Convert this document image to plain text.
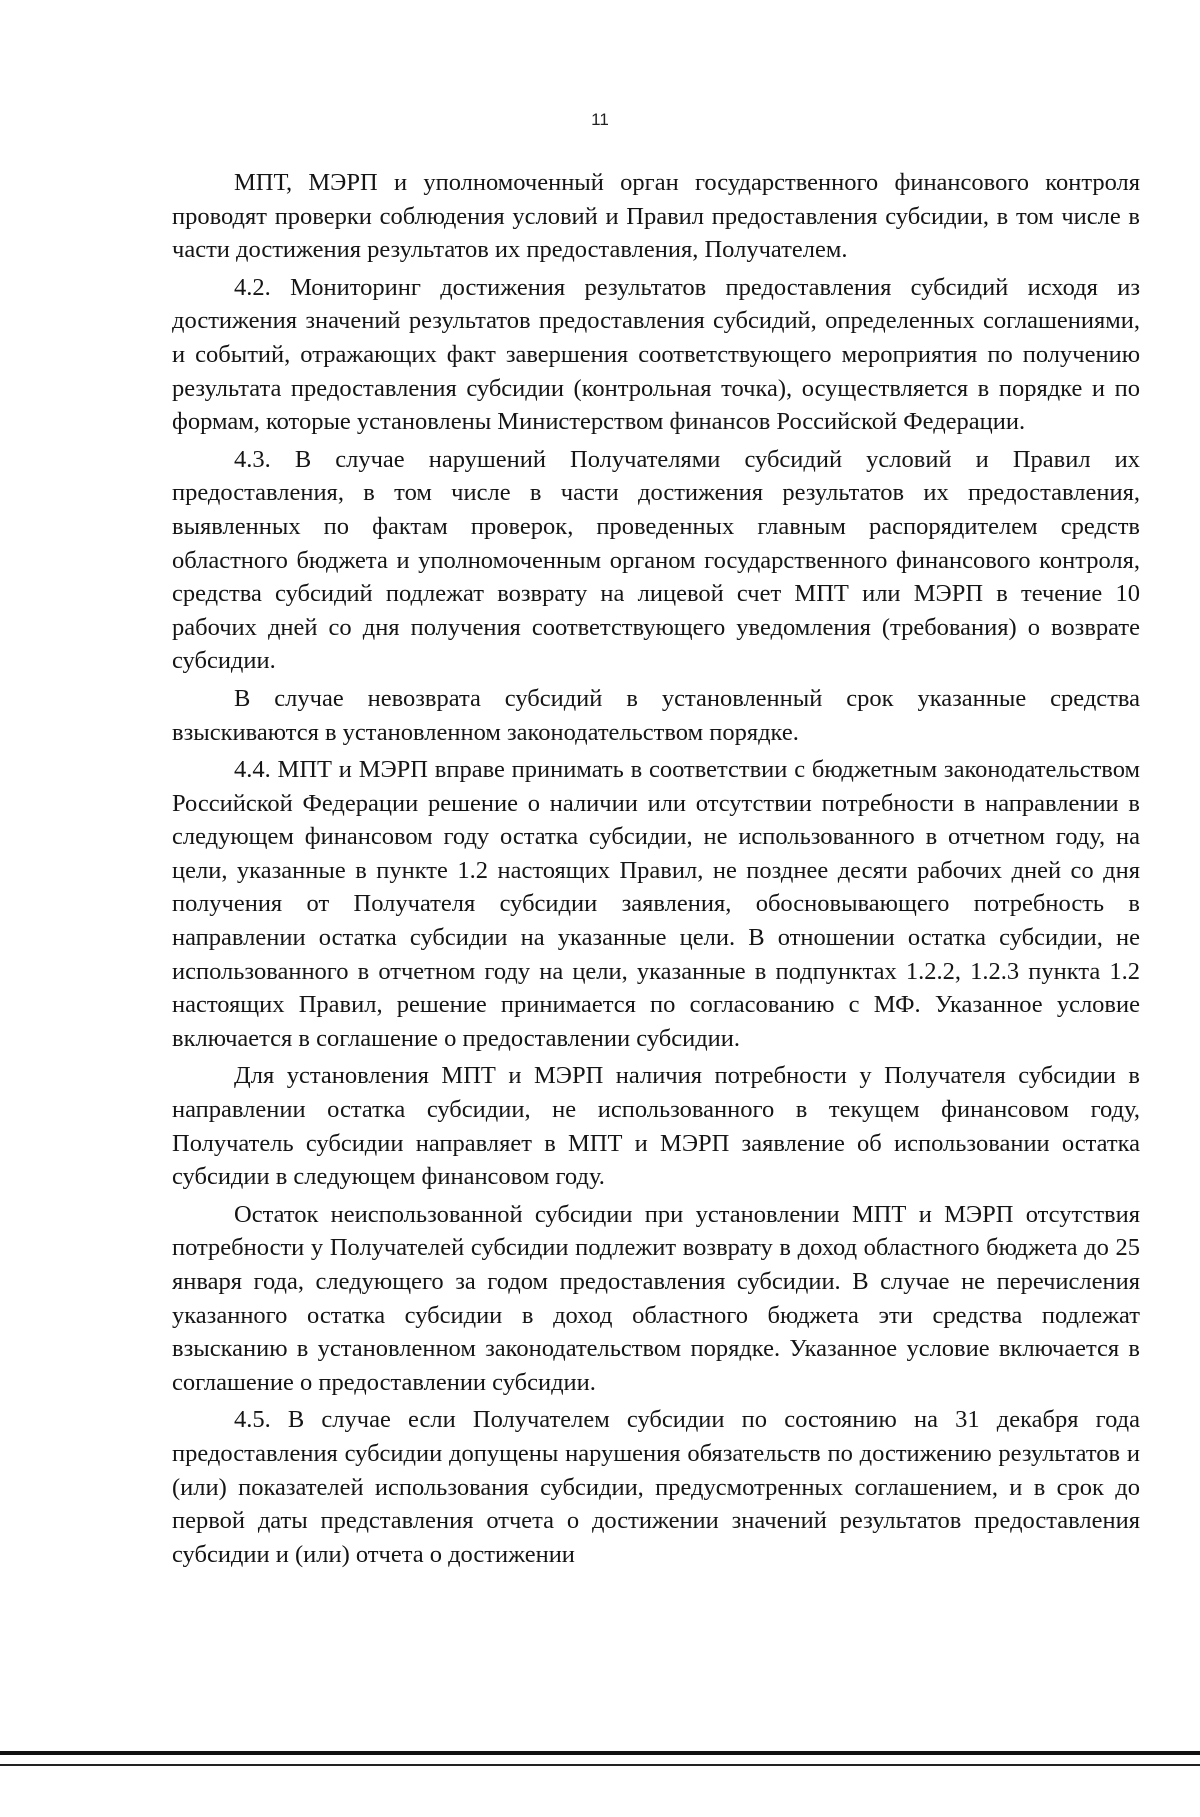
11

МПТ, МЭРП и уполномоченный орган государственного финансового контроля проводят проверки соблюдения условий и Правил предоставления субсидии, в том числе в части достижения результатов их предоставления, Получателем.

4.2. Мониторинг достижения результатов предоставления субсидий исходя из достижения значений результатов предоставления субсидий, определенных соглашениями, и событий, отражающих факт завершения соответствующего мероприятия по получению результата предоставления субсидии (контрольная точка), осуществляется в порядке и по формам, которые установлены Министерством финансов Российской Федерации.

4.3. В случае нарушений Получателями субсидий условий и Правил их предоставления, в том числе в части достижения результатов их предоставления, выявленных по фактам проверок, проведенных главным распорядителем средств областного бюджета и уполномоченным органом государственного финансового контроля, средства субсидий подлежат возврату на лицевой счет МПТ или МЭРП в течение 10 рабочих дней со дня получения соответствующего уведомления (требования) о возврате субсидии.

В случае невозврата субсидий в установленный срок указанные средства взыскиваются в установленном законодательством порядке.

4.4. МПТ и МЭРП вправе принимать в соответствии с бюджетным законодательством Российской Федерации решение о наличии или отсутствии потребности в направлении в следующем финансовом году остатка субсидии, не использованного в отчетном году, на цели, указанные в пункте 1.2 настоящих Правил, не позднее десяти рабочих дней со дня получения от Получателя субсидии заявления, обосновывающего потребность в направлении остатка субсидии на указанные цели. В отношении остатка субсидии, не использованного в отчетном году на цели, указанные в подпунктах 1.2.2, 1.2.3 пункта 1.2 настоящих Правил, решение принимается по согласованию с МФ. Указанное условие включается в соглашение о предоставлении субсидии.

Для установления МПТ и МЭРП наличия потребности у Получателя субсидии в направлении остатка субсидии, не использованного в текущем финансовом году, Получатель субсидии направляет в МПТ и МЭРП заявление об использовании остатка субсидии в следующем финансовом году.

Остаток неиспользованной субсидии при установлении МПТ и МЭРП отсутствия потребности у Получателей субсидии подлежит возврату в доход областного бюджета до 25 января года, следующего за годом предоставления субсидии. В случае не перечисления указанного остатка субсидии в доход областного бюджета эти средства подлежат взысканию в установленном законодательством порядке. Указанное условие включается в соглашение о предоставлении субсидии.

4.5. В случае если Получателем субсидии по состоянию на 31 декабря года предоставления субсидии допущены нарушения обязательств по достижению результатов и (или) показателей использования субсидии, предусмотренных соглашением, и в срок до первой даты представления отчета о достижении значений результатов предоставления субсидии и (или) отчета о достижении
